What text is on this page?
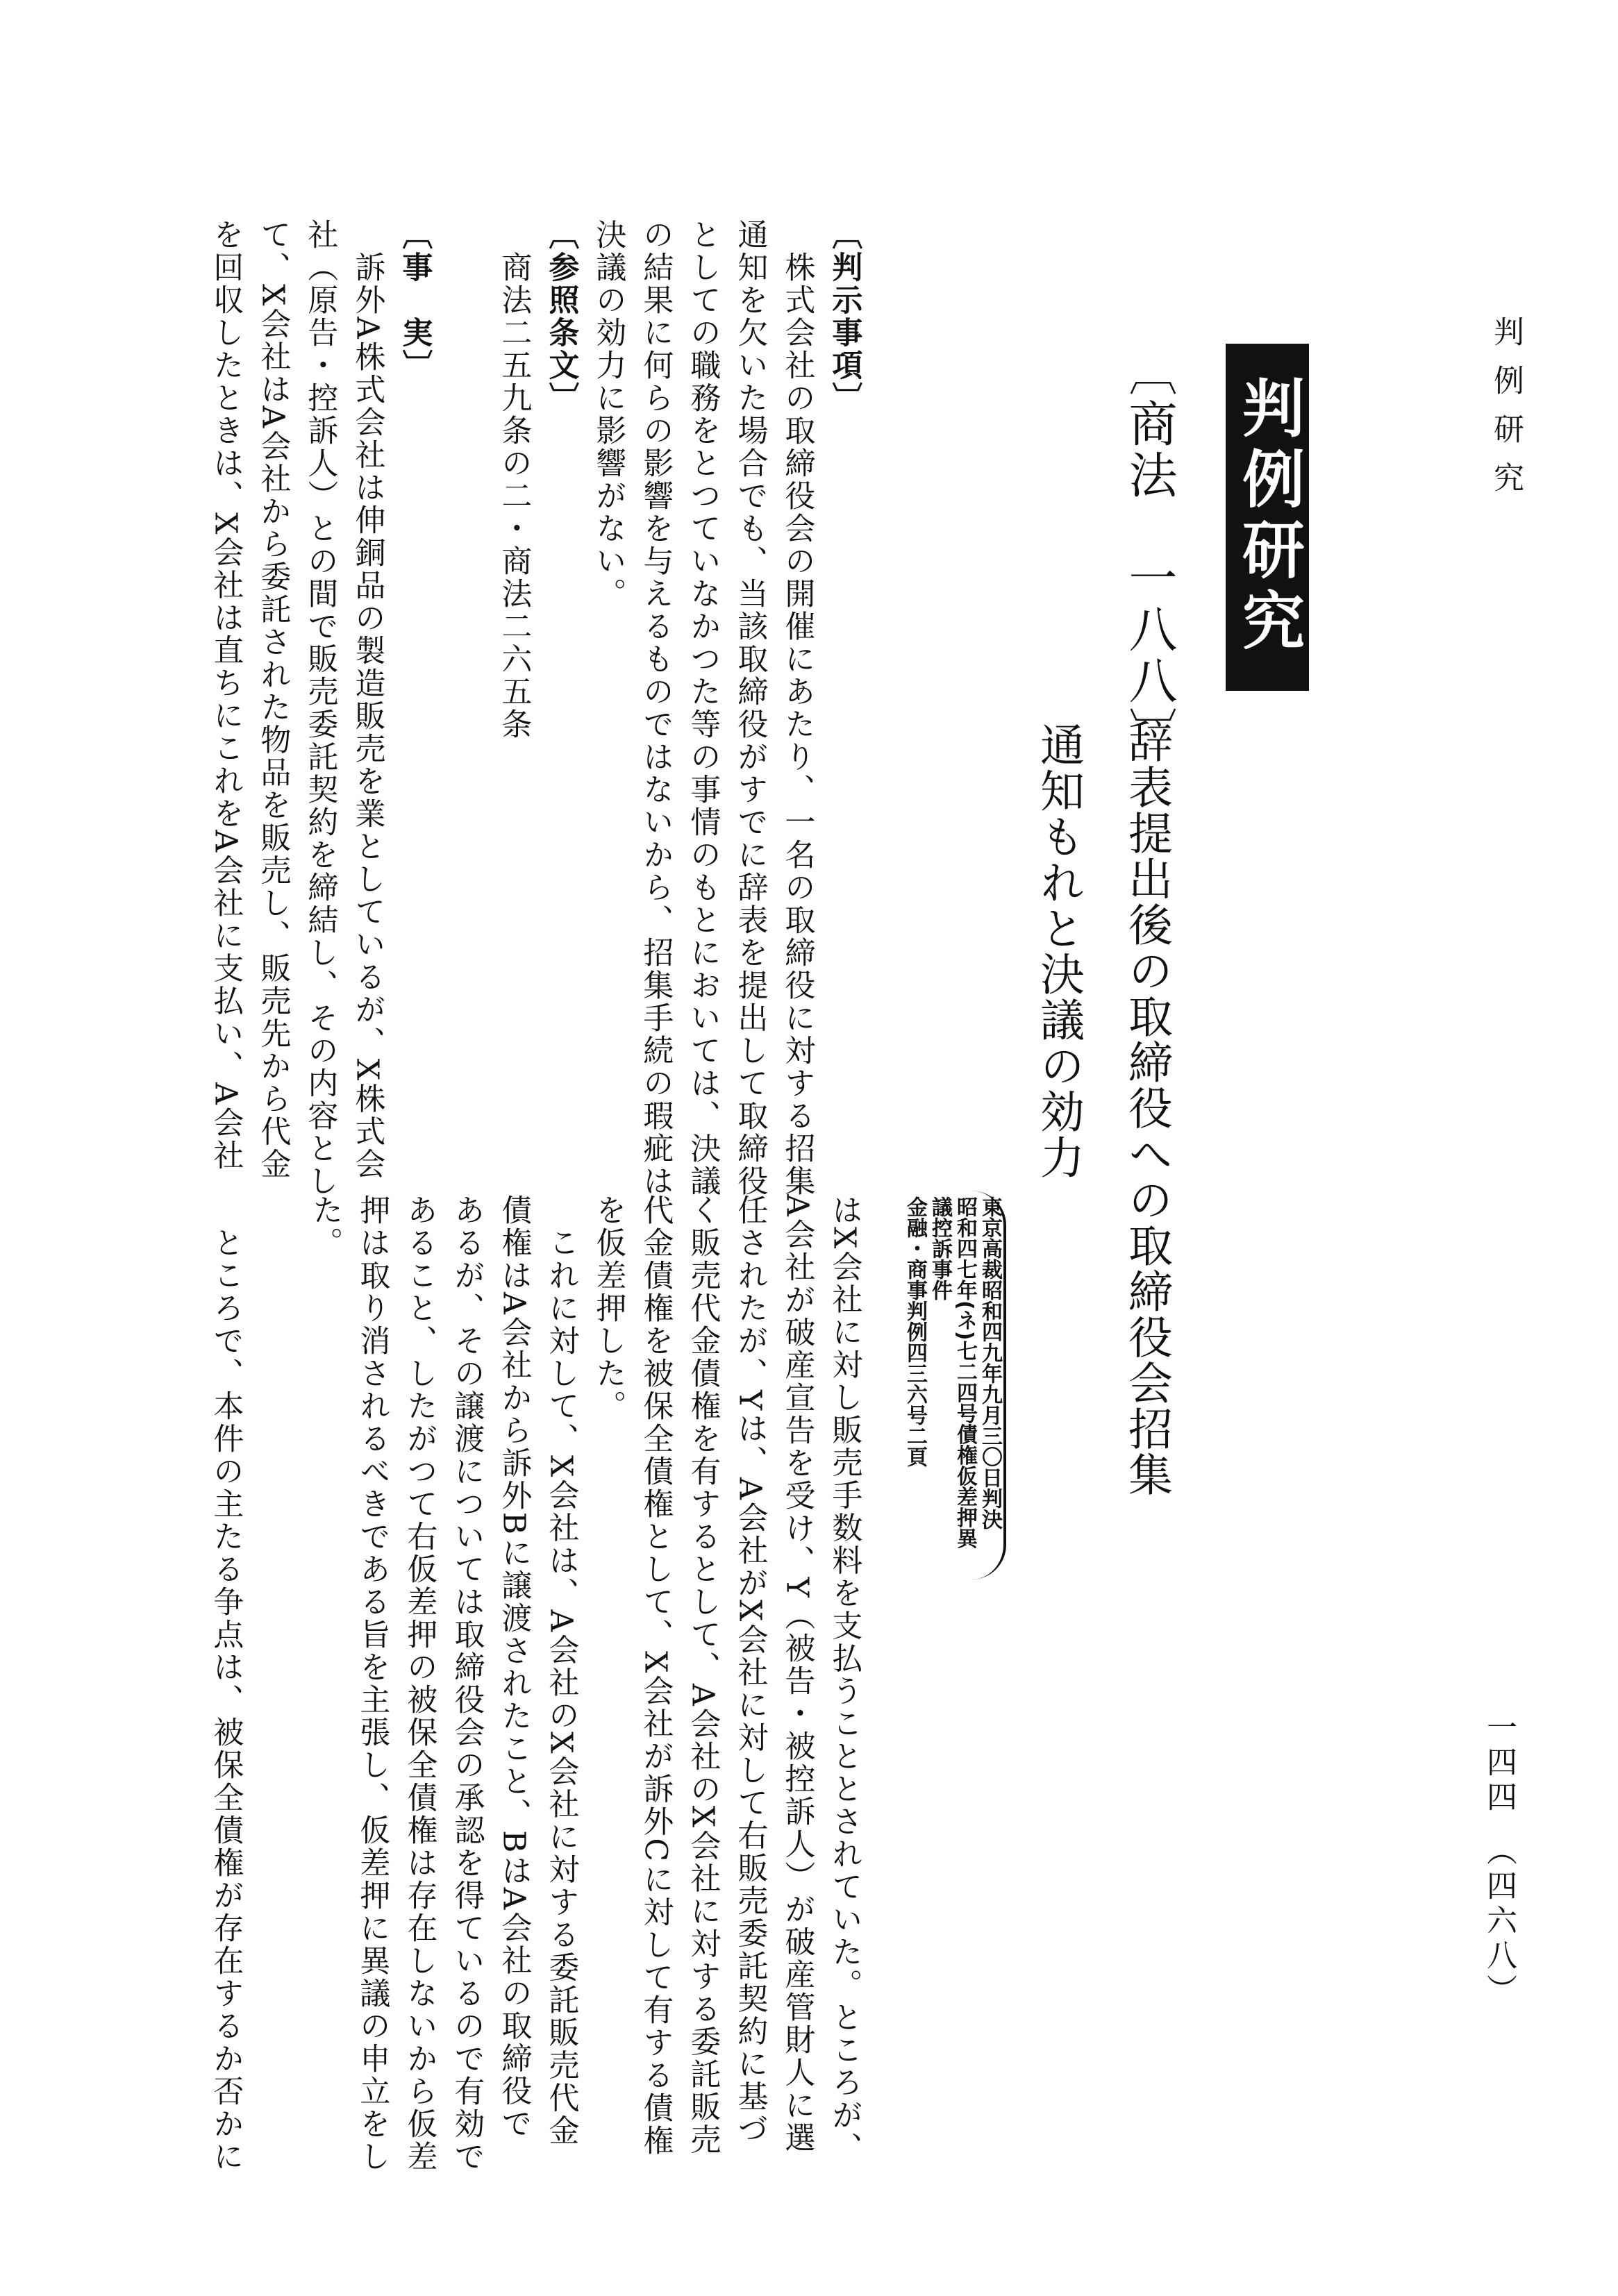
判例研究
判例研究
〔商法　一八八〕
辞表提出後の取締役への取締役会招集
通知もれと決議の効力
東京高裁昭和四九年九月三〇日判決
昭和四七年(ネ)七二四号債権仮差押異
議控訴事件
金融・商事判例四三六号二頁
〔判示事項〕
　株式会社の取締役会の開催にあたり、一名の取締役に対する招集
通知を欠いた場合でも、当該取締役がすでに辞表を提出して取締役
としての職務をとつていなかつた等の事情のもとにおいては、決議
の結果に何らの影響を与えるものではないから、招集手続の瑕疵は
決議の効力に影響がない。
〔参照条文〕
　商法二五九条の二・商法二六五条
〔事　実〕
　訴外A株式会社は伸銅品の製造販売を業としているが、X株式会
社（原告・控訴人）との間で販売委託契約を締結し、その内容とし
て、X会社はA会社から委託された物品を販売し、販売先から代金
を回収したときは、X会社は直ちにこれをA会社に支払い、A会社
はX会社に対し販売手数料を支払うこととされていた。ところが、
A会社が破産宣告を受け、Y（被告・被控訴人）が破産管財人に選
任されたが、Yは、A会社がX会社に対して右販売委託契約に基づ
く販売代金債権を有するとして、A会社のX会社に対する委託販売
代金債権を被保全債権として、X会社が訴外Cに対して有する債権
を仮差押した。
　これに対して、X会社は、A会社のX会社に対する委託販売代金
債権はA会社から訴外Bに譲渡されたこと、BはA会社の取締役で
あるが、その譲渡については取締役会の承認を得ているので有効で
あること、したがつて右仮差押の被保全債権は存在しないから仮差
押は取り消されるべきである旨を主張し、仮差押に異議の申立をし
た。
　ところで、本件の主たる争点は、被保全債権が存在するか否かに	一四四　（四六八）
